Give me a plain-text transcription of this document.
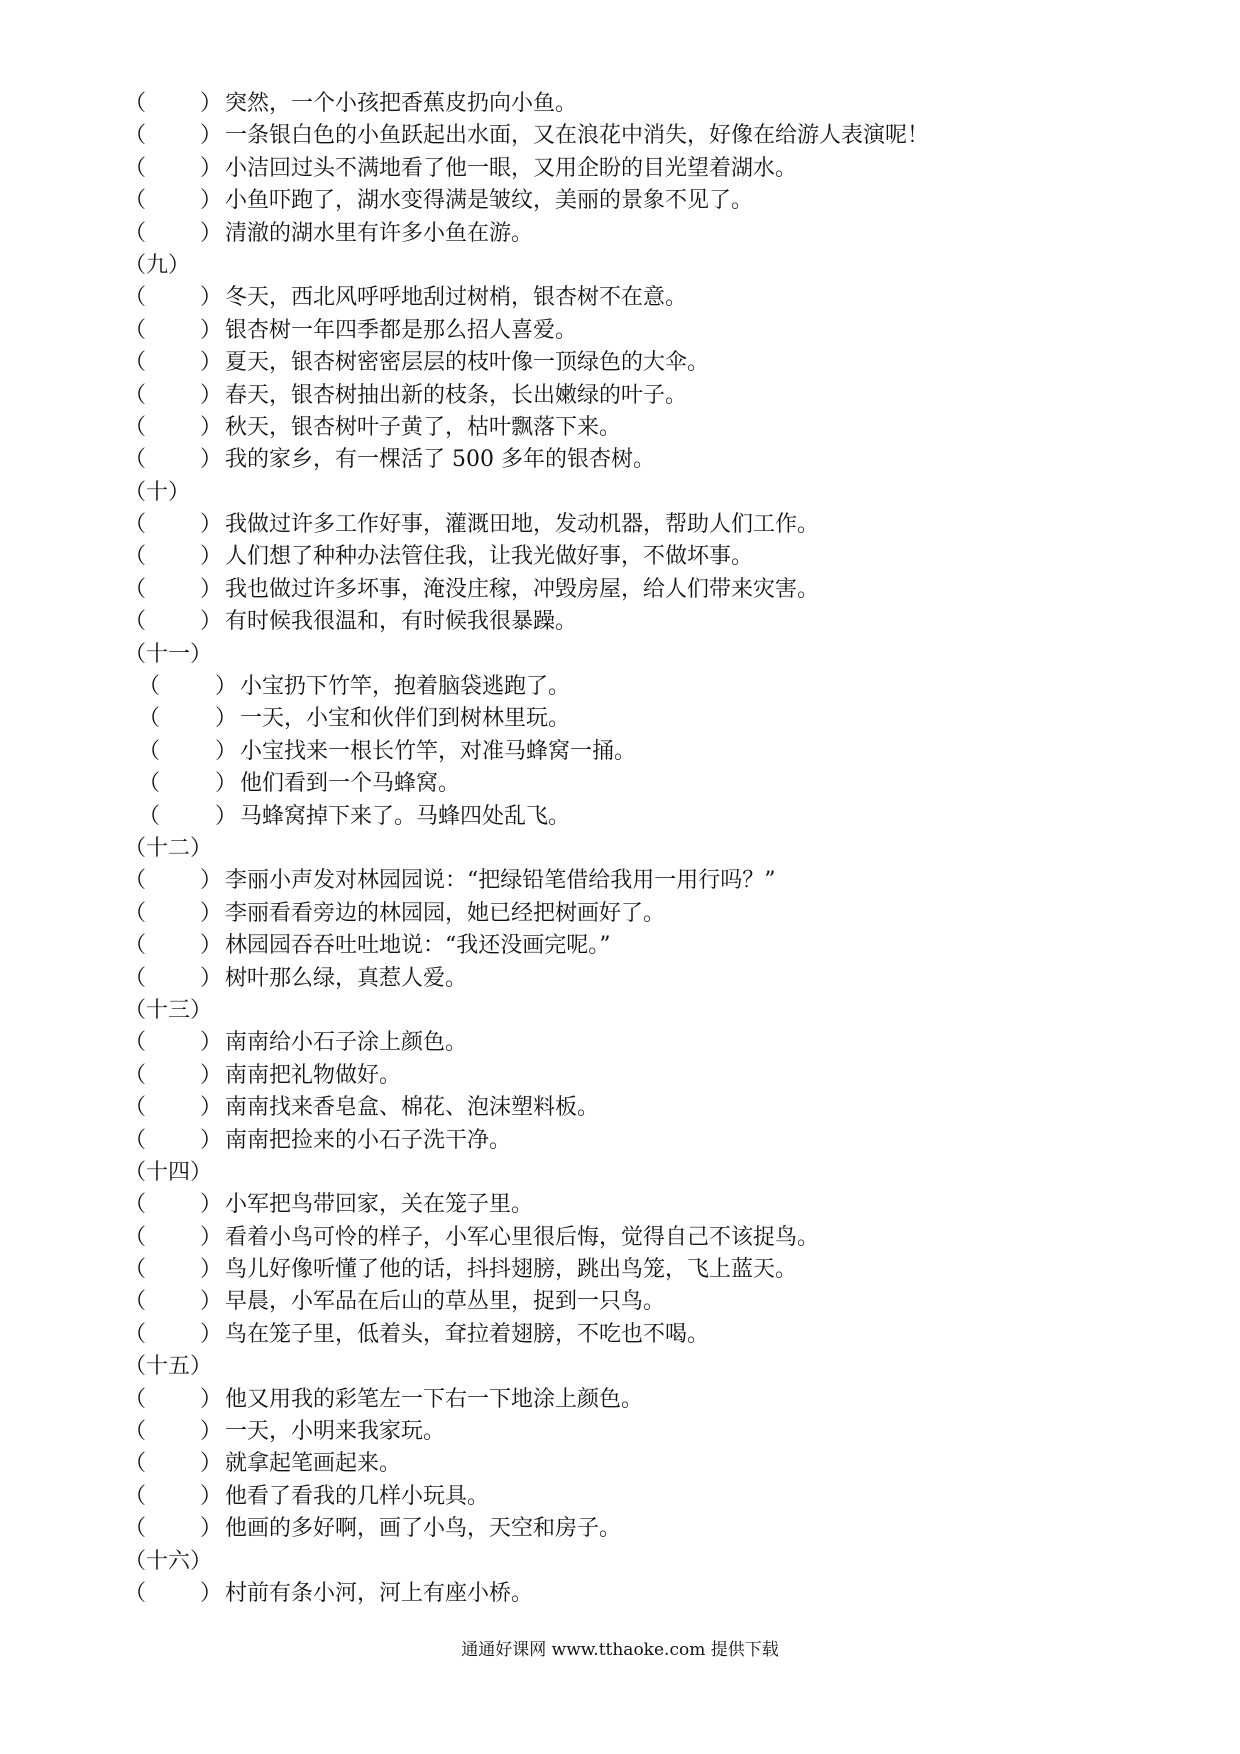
（ ） 突然，一个小孩把香蕉皮扔向小鱼。
（ ） 一条银白色的小鱼跃起出水面，又在浪花中消失，好像在给游人表演呢！
（ ） 小洁回过头不满地看了他一眼，又用企盼的目光望着湖水。
（ ） 小鱼吓跑了，湖水变得满是皱纹，美丽的景象不见了。
（ ） 清澈的湖水里有许多小鱼在游。
（九）
（ ） 冬天，西北风呼呼地刮过树梢，银杏树不在意。
（ ） 银杏树一年四季都是那么招人喜爱。
（ ） 夏天，银杏树密密层层的枝叶像一顶绿色的大伞。
（ ） 春天，银杏树抽出新的枝条，长出嫩绿的叶子。
（ ） 秋天，银杏树叶子黄了，枯叶飘落下来。
（ ） 我的家乡，有一棵活了 500 多年的银杏树。
（十）
（ ） 我做过许多工作好事，灌溉田地，发动机器，帮助人们工作。
（ ） 人们想了种种办法管住我，让我光做好事，不做坏事。
（ ） 我也做过许多坏事，淹没庄稼，冲毁房屋，给人们带来灾害。
（ ） 有时候我很温和，有时候我很暴躁。
（十一）
（ ） 小宝扔下竹竿，抱着脑袋逃跑了。
（ ） 一天，小宝和伙伴们到树林里玩。
（ ） 小宝找来一根长竹竿，对准马蜂窝一捅。
（ ） 他们看到一个马蜂窝。
（ ） 马蜂窝掉下来了。马蜂四处乱飞。
（十二）
（ ） 李丽小声发对林园园说：“把绿铅笔借给我用一用行吗？”
（ ） 李丽看看旁边的林园园，她已经把树画好了。
（ ） 林园园吞吞吐吐地说：“我还没画完呢。”
（ ） 树叶那么绿，真惹人爱。
（十三）
（ ） 南南给小石子涂上颜色。
（ ） 南南把礼物做好。
（ ） 南南找来香皂盒、棉花、泡沫塑料板。
（ ） 南南把捡来的小石子洗干净。
（十四）
（ ） 小军把鸟带回家，关在笼子里。
（ ） 看着小鸟可怜的样子，小军心里很后悔，觉得自己不该捉鸟。
（ ） 鸟儿好像听懂了他的话，抖抖翅膀，跳出鸟笼，飞上蓝天。
（ ） 早晨，小军品在后山的草丛里，捉到一只鸟。
（ ） 鸟在笼子里，低着头，耷拉着翅膀，不吃也不喝。
（十五）
（ ） 他又用我的彩笔左一下右一下地涂上颜色。
（ ） 一天，小明来我家玩。
（ ） 就拿起笔画起来。
（ ） 他看了看我的几样小玩具。
（ ） 他画的多好啊，画了小鸟，天空和房子。
（十六）
（ ） 村前有条小河，河上有座小桥。
通通好课网 www.tthaoke.com 提供下载
